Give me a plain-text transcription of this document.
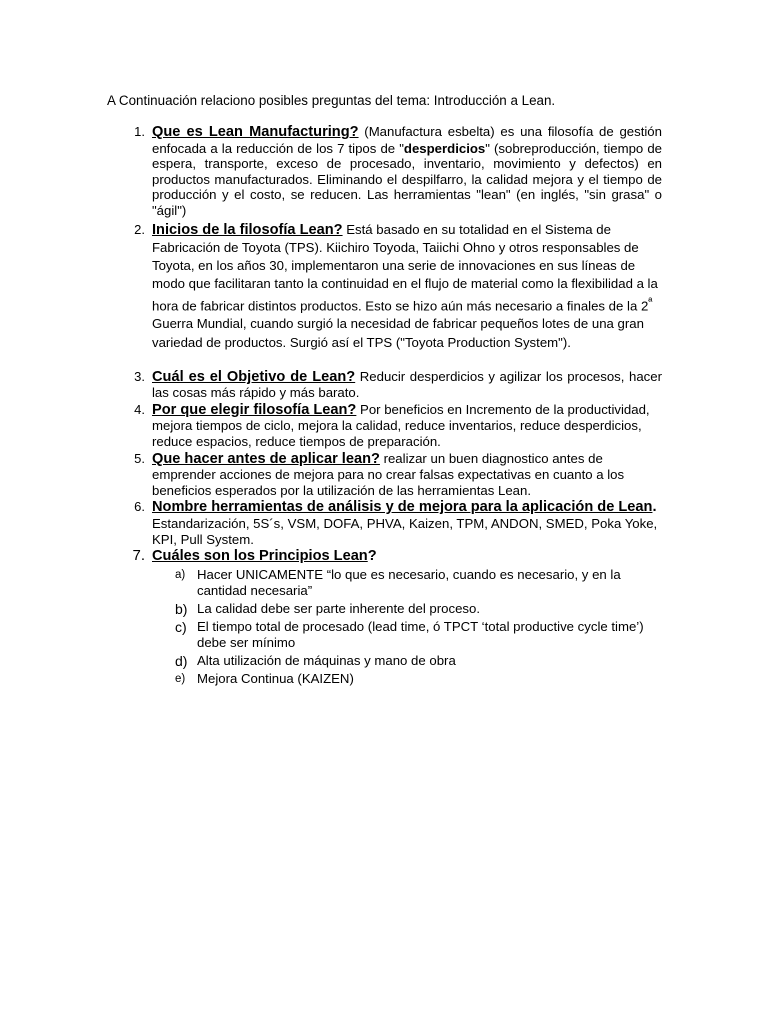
A Continuación relaciono posibles preguntas del tema: Introducción a Lean.

1. Que es Lean Manufacturing? (Manufactura esbelta) es una filosofía de gestión enfocada a la reducción de los 7 tipos de "desperdicios" (sobreproducción, tiempo de espera, transporte, exceso de procesado, inventario, movimiento y defectos) en productos manufacturados. Eliminando el despilfarro, la calidad mejora y el tiempo de producción y el costo, se reducen. Las herramientas "lean" (en inglés, "sin grasa" o "ágil")
2. Inicios de la filosofía Lean? Está basado en su totalidad en el Sistema de Fabricación de Toyota (TPS). Kiichiro Toyoda, Taiichi Ohno y otros responsables de Toyota, en los años 30, implementaron una serie de innovaciones en sus líneas de modo que facilitaran tanto la continuidad en el flujo de material como la flexibilidad a la hora de fabricar distintos productos. Esto se hizo aún más necesario a finales de la $2^ª$ Guerra Mundial, cuando surgió la necesidad de fabricar pequeños lotes de una gran variedad de productos. Surgió así el TPS ("Toyota Production System").
3. Cuál es el Objetivo de Lean? Reducir desperdicios y agilizar los procesos, hacer las cosas más rápido y más barato.
4. Por que elegir filosofía Lean? Por beneficios en Incremento de la productividad, mejora tiempos de ciclo, mejora la calidad, reduce inventarios, reduce desperdicios, reduce espacios, reduce tiempos de preparación.
5. Que hacer antes de aplicar lean? realizar un buen diagnostico antes de emprender acciones de mejora para no crear falsas expectativas en cuanto a los beneficios esperados por la utilización de las herramientas Lean.
6. Nombre herramientas de análisis y de mejora para la aplicación de Lean. Estandarización, 5S´s, VSM, DOFA, PHVA, Kaizen, TPM, ANDON, SMED, Poka Yoke, KPI, Pull System.
7. Cuáles son los Principios Lean?
a) Hacer UNICAMENTE “lo que es necesario, cuando es necesario, y en la cantidad necesaria”
b) La calidad debe ser parte inherente del proceso.
c) El tiempo total de procesado (lead time, ó TPCT ‘total productive cycle time’) debe ser mínimo
d) Alta utilización de máquinas y mano de obra
e) Mejora Continua (KAIZEN)
